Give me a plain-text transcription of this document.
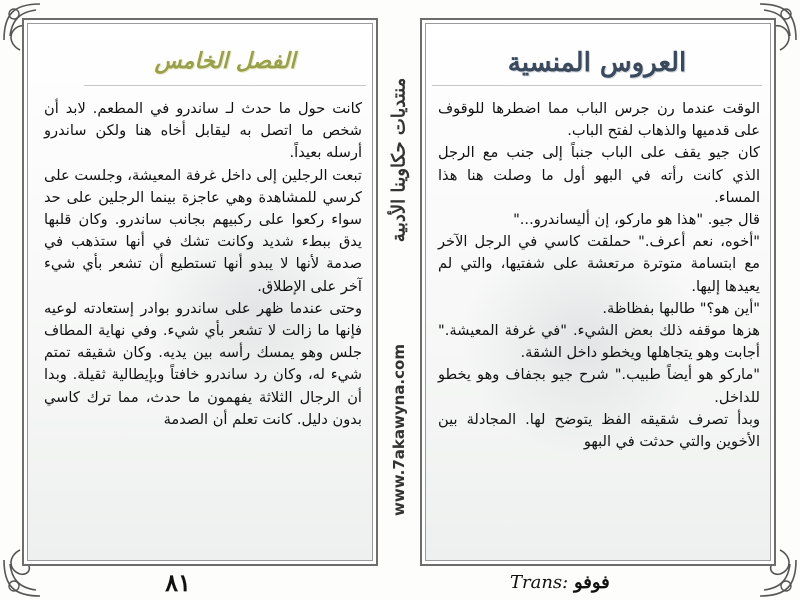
الفصل الخامس

كانت حول ما حدث لـ ساندرو في المطعم. لابد أن شخص ما اتصل به ليقابل أخاه هنا ولكن ساندرو أرسله بعيداً.

تبعت الرجلين إلى داخل غرفة المعيشة، وجلست على كرسي للمشاهدة وهي عاجزة بينما الرجلين على حد سواء ركعوا على ركبيهم بجانب ساندرو. وكان قلبها يدق ببطء شديد وكانت تشك في أنها ستذهب في صدمة لأنها لا يبدو أنها تستطيع أن تشعر بأي شيء آخر على الإطلاق.

وحتى عندما ظهر على ساندرو بوادر إستعادته لوعيه فإنها ما زالت لا تشعر بأي شيء. وفي نهاية المطاف جلس وهو يمسك رأسه بين يديه. وكان شقيقه تمتم شيء له، وكان رد ساندرو خافتاً وبإيطالية ثقيلة. وبدا أن الرجال الثلاثة يفهمون ما حدث، مما ترك كاسي بدون دليل. كانت تعلم أن الصدمة

منتديات حكاوينا الأدبية
www.7akawyna.com
العروس المنسية

الوقت عندما رن جرس الباب مما اضطرها للوقوف على قدميها والذهاب لفتح الباب.

كان جيو يقف على الباب جنباً إلى جنب مع الرجل الذي كانت رأته في البهو أول ما وصلت هنا هذا المساء.

قال جيو. "هذا هو ماركو، إن أليساندرو..."

"أخوه، نعم أعرف." حملقت كاسي في الرجل الآخر مع ابتسامة متوترة مرتعشة على شفتيها، والتي لم يعيدها إليها.

"أين هو؟" طالبها بفظاظة.

هزها موقفه ذلك بعض الشيء. "في غرفة المعيشة." أجابت وهو يتجاهلها ويخطو داخل الشقة.

"ماركو هو أيضاً طبيب." شرح جيو بجفاف وهو يخطو للداخل.

وبدأ تصرف شقيقه الفظ يتوضح لها. المجادلة بين الأخوين والتي حدثت في البهو

٨١	Trans: فوفو
